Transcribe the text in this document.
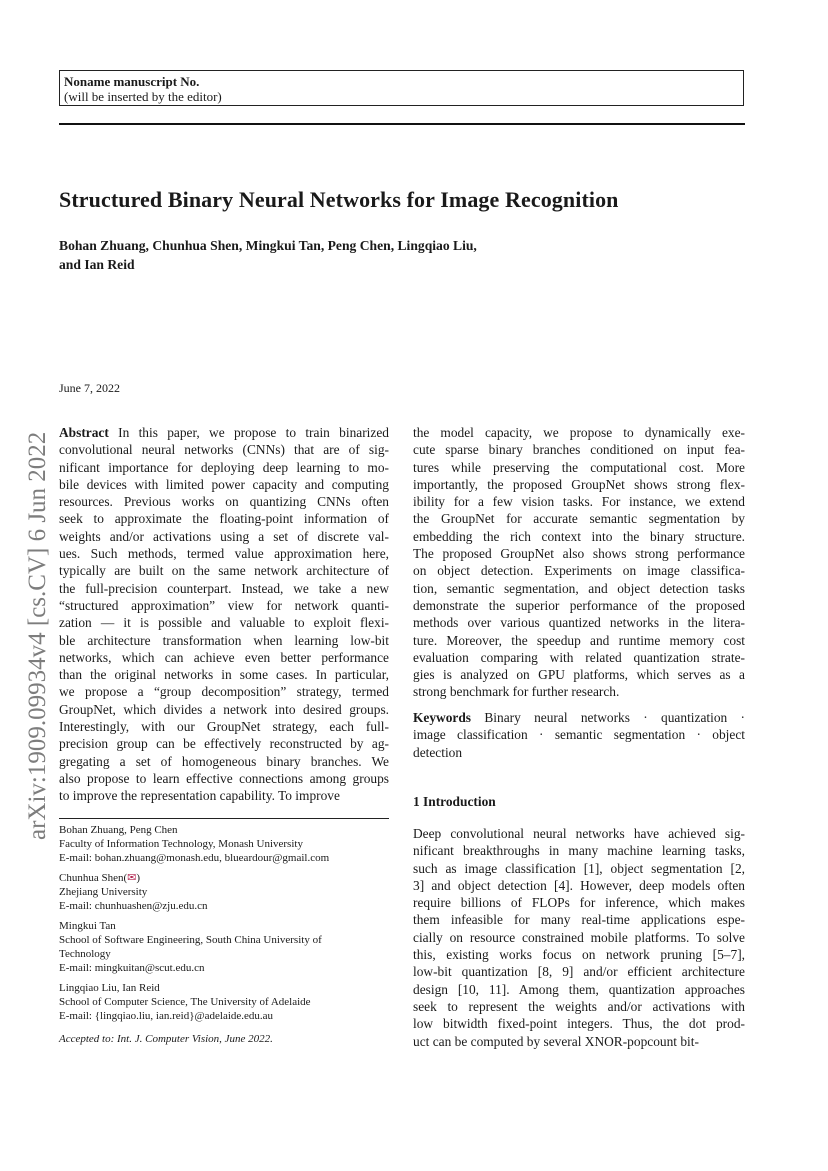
Noname manuscript No.
(will be inserted by the editor)
Structured Binary Neural Networks for Image Recognition
Bohan Zhuang, Chunhua Shen, Mingkui Tan, Peng Chen, Lingqiao Liu,
and Ian Reid
arXiv:1909.09934v4 [cs.CV] 6 Jun 2022
June 7, 2022
Abstract In this paper, we propose to train binarized
convolutional neural networks (CNNs) that are of sig-
nificant importance for deploying deep learning to mo-
bile devices with limited power capacity and computing
resources. Previous works on quantizing CNNs often
seek to approximate the floating-point information of
weights and/or activations using a set of discrete val-
ues. Such methods, termed value approximation here,
typically are built on the same network architecture of
the full-precision counterpart. Instead, we take a new
“structured approximation” view for network quanti-
zation — it is possible and valuable to exploit flexi-
ble architecture transformation when learning low-bit
networks, which can achieve even better performance
than the original networks in some cases. In particular,
we propose a “group decomposition” strategy, termed
GroupNet, which divides a network into desired groups.
Interestingly, with our GroupNet strategy, each full-
precision group can be effectively reconstructed by ag-
gregating a set of homogeneous binary branches. We
also propose to learn effective connections among groups
to improve the representation capability. To improve
the model capacity, we propose to dynamically exe-
cute sparse binary branches conditioned on input fea-
tures while preserving the computational cost. More
importantly, the proposed GroupNet shows strong flex-
ibility for a few vision tasks. For instance, we extend
the GroupNet for accurate semantic segmentation by
embedding the rich context into the binary structure.
The proposed GroupNet also shows strong performance
on object detection. Experiments on image classifica-
tion, semantic segmentation, and object detection tasks
demonstrate the superior performance of the proposed
methods over various quantized networks in the litera-
ture. Moreover, the speedup and runtime memory cost
evaluation comparing with related quantization strate-
gies is analyzed on GPU platforms, which serves as a
strong benchmark for further research.
Keywords Binary neural networks · quantization ·
image classification · semantic segmentation · object
detection
1 Introduction
Deep convolutional neural networks have achieved sig-
nificant breakthroughs in many machine learning tasks,
such as image classification [1], object segmentation [2,
3] and object detection [4]. However, deep models often
require billions of FLOPs for inference, which makes
them infeasible for many real-time applications espe-
cially on resource constrained mobile platforms. To solve
this, existing works focus on network pruning [5–7],
low-bit quantization [8, 9] and/or efficient architecture
design [10, 11]. Among them, quantization approaches
seek to represent the weights and/or activations with
low bitwidth fixed-point integers. Thus, the dot prod-
uct can be computed by several XNOR-popcount bit-
Bohan Zhuang, Peng Chen
Faculty of Information Technology, Monash University
E-mail: bohan.zhuang@monash.edu, blueardour@gmail.com
Chunhua Shen(✉)
Zhejiang University
E-mail: chunhuashen@zju.edu.cn
Mingkui Tan
School of Software Engineering, South China University of
Technology
E-mail: mingkuitan@scut.edu.cn
Lingqiao Liu, Ian Reid
School of Computer Science, The University of Adelaide
E-mail: {lingqiao.liu, ian.reid}@adelaide.edu.au
Accepted to: Int. J. Computer Vision, June 2022.
